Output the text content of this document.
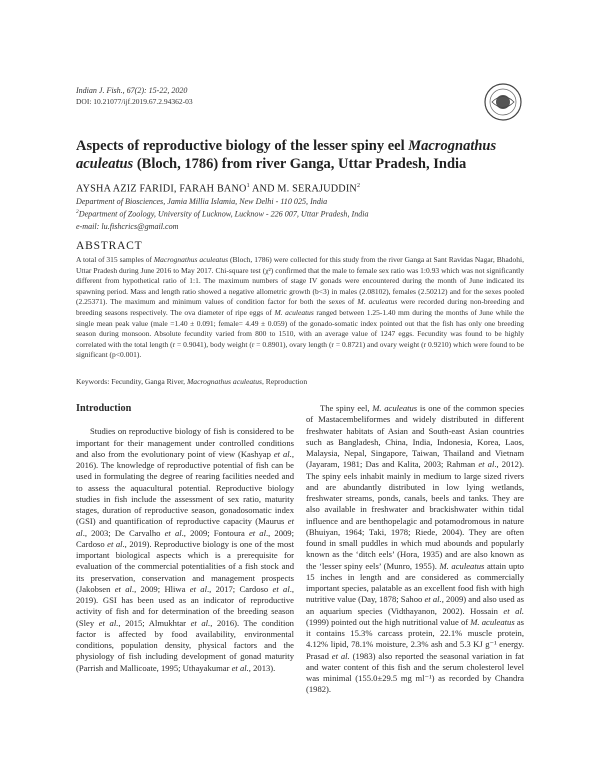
Indian J. Fish., 67(2): 15-22, 2020
DOI: 10.21077/ijf.2019.67.2.94362-03
Aspects of reproductive biology of the lesser spiny eel Macrognathus aculeatus (Bloch, 1786) from river Ganga, Uttar Pradesh, India
AYSHA AZIZ FARIDI, FARAH BANO$^1$ AND M. SERAJUDDIN$^2$
Department of Biosciences, Jamia Millia Islamia, New Delhi - 110 025, India
$^2$Department of Zoology, University of Lucknow, Lucknow - 226 007, Uttar Pradesh, India
e-mail: lu.fishcrics@gmail.com
ABSTRACT

A total of 315 samples of Macrognathus aculeatus (Bloch, 1786) were collected for this study from the river Ganga at Sant Ravidas Nagar, Bhadohi, Uttar Pradesh during June 2016 to May 2017. Chi-square test (χ²) confirmed that the male to female sex ratio was 1:0.93 which was not significantly different from hypothetical ratio of 1:1. The maximum numbers of stage IV gonads were encountered during the month of June indicated its spawning period. Mass and length ratio showed a negative allometric growth (b<3) in males (2.08102), females (2.50212) and for the sexes pooled (2.25371). The maximum and minimum values of condition factor for both the sexes of M. aculeatus were recorded during non-breeding and breeding seasons respectively. The ova diameter of ripe eggs of M. aculeatus ranged between 1.25-1.40 mm during the months of June while the single mean peak value (male =1.40 ± 0.091; female= 4.49 ± 0.059) of the gonado-somatic index pointed out that the fish has only one breeding season during monsoon. Absolute fecundity varied from 800 to 1510, with an average value of 1247 eggs. Fecundity was found to be highly correlated with the total length (r = 0.9041), body weight (r = 0.8901), ovary length (r = 0.8721) and ovary weight (r 0.9210) which were found to be significant (p<0.001).

Keywords: Fecundity, Ganga River, Macrognathus aculeatus, Reproduction
Introduction

Studies on reproductive biology of fish is considered to be important for their management under controlled conditions and also from the evolutionary point of view (Kashyap et al., 2016). The knowledge of reproductive potential of fish can be used in formulating the degree of rearing facilities needed and to assess the aquacultural potential. Reproductive biology studies in fish include the assessment of sex ratio, maturity stages, duration of reproductive season, gonadosomatic index (GSI) and quantification of reproductive capacity (Maurus et al., 2003; De Carvalho et al., 2009; Fontoura et al., 2009; Cardoso et al., 2019). Reproductive biology is one of the most important biological aspects which is a prerequisite for evaluation of the commercial potentialities of a fish stock and its preservation, conservation and management prospects (Jakobsen et al., 2009; Hliwa et al., 2017; Cardoso et al., 2019). GSI has been used as an indicator of reproductive activity of fish and for determination of the breeding season (Sley et al., 2015; Almukhtar et al., 2016). The condition factor is affected by food availability, environmental conditions, population density, physical factors and the physiology of fish including development of gonad maturity (Parrish and Mallicoate, 1995; Uthayakumar et al., 2013).

The spiny eel, M. aculeatus is one of the common species of Mastacembeliformes and widely distributed in different freshwater habitats of Asian and South-east Asian countries such as Bangladesh, China, India, Indonesia, Korea, Laos, Malaysia, Nepal, Singapore, Taiwan, Thailand and Vietnam (Jayaram, 1981; Das and Kalita, 2003; Rahman et al., 2012). The spiny eels inhabit mainly in medium to large sized rivers and are abundantly distributed in low lying wetlands, freshwater streams, ponds, canals, beels and tanks. They are also available in freshwater and brackishwater within tidal influence and are benthopelagic and potamodromous in nature (Bhuiyan, 1964; Taki, 1978; Riede, 2004). They are often found in small puddles in which mud abounds and popularly known as the ‘ditch eels’ (Hora, 1935) and are also known as the ‘lesser spiny eels’ (Munro, 1955). M. aculeatus attain upto 15 inches in length and are considered as commercially important species, palatable as an excellent food fish with high nutritive value (Day, 1878; Sahoo et al., 2009) and also used as an aquarium species (Vidthayanon, 2002). Hossain et al. (1999) pointed out the high nutritional value of M. aculeatus as it contains 15.3% carcass protein, 22.1% muscle protein, 4.12% lipid, 78.1% moisture, 2.3% ash and 5.3 KJ g⁻¹ energy. Prasad et al. (1983) also reported the seasonal variation in fat and water content of this fish and the serum cholesterol level was minimal (155.0±29.5 mg ml⁻¹) as recorded by Chandra (1982).
